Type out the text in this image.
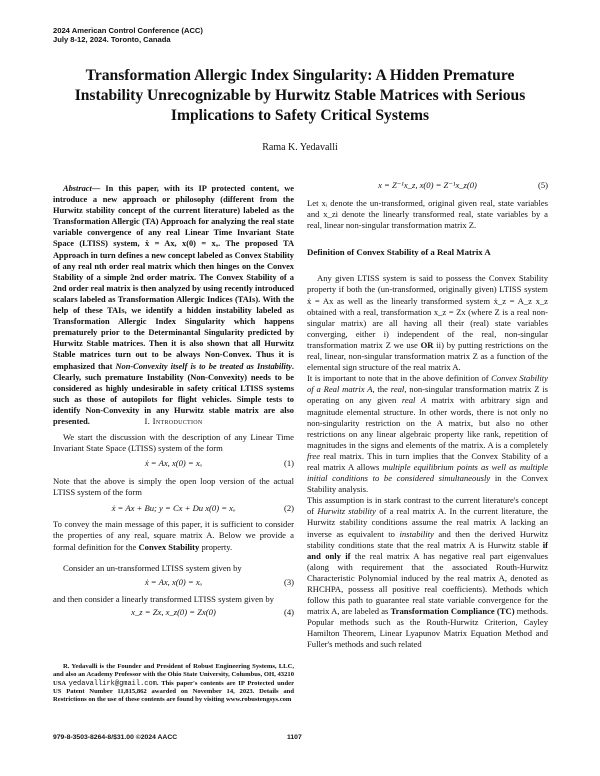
2024 American Control Conference (ACC)
July 8-12, 2024. Toronto, Canada
Transformation Allergic Index Singularity: A Hidden Premature Instability Unrecognizable by Hurwitz Stable Matrices with Serious Implications to Safety Critical Systems
Rama K. Yedavalli
Abstract— In this paper, with its IP protected content, we introduce a new approach or philosophy (different from the Hurwitz stability concept of the current literature) labeled as the Transformation Allergic (TA) Approach for analyzing the real state variable convergence of any real Linear Time Invariant State Space (LTISS) system, ẋ = Ax, x(0) = xₒ. The proposed TA Approach in turn defines a new concept labeled as Convex Stability of any real nth order real matrix which then hinges on the Convex Stability of a simple 2nd order matrix. The Convex Stability of a 2nd order real matrix is then analyzed by using recently introduced scalars labeled as Transformation Allergic Indices (TAIs). With the help of these TAIs, we identify a hidden instability labeled as Transformation Allergic Index Singularity which happens prematurely prior to the Determinantal Singularity predicted by Hurwitz Stable matrices. Then it is also shown that all Hurwitz Stable matrices turn out to be always Non-Convex. Thus it is emphasized that Non-Convexity itself is to be treated as Instability. Clearly, such premature Instability (Non-Convexity) needs to be considered as highly undesirable in safety critical LTISS systems such as those of autopilots for flight vehicles. Simple tests to identify Non-Convexity in any Hurwitz stable matrix are also presented.	I. Introduction

We start the discussion with the description of any Linear Time Invariant State Space (LTISS) system of the form

ẋ = Ax, x(0) = xₒ	(1)

Note that the above is simply the open loop version of the actual LTISS system of the form

ẋ = Ax + Bu; y = Cx + Du x(0) = xₒ	(2)

To convey the main message of this paper, it is sufficient to consider the properties of any real, square matrix A. Below we provide a formal definition for the Convex Stability property.

Consider an un-transformed LTISS system given by

ẋ = Ax, x(0) = xₒ	(3)

and then consider a linearly transformed LTISS system given by

x_z = Zx, x_z(0) = Zx(0)	(4)
R. Yedavalli is the Founder and President of Robust Engineering Systems, LLC, and also an Academy Professor with the Ohio State University, Columbus, OH, 43210 USA yedavallirk@gmail.com. This paper's contents are IP Protected under US Patent Number 11,815,862 awarded on November 14, 2023. Details and Restrictions on the use of these contents are found by visiting www.robustengsys.com
x = Z⁻¹x_z, x(0) = Z⁻¹x_z(0)	(5)

Let xᵢ denote the un-transformed, original given real, state variables and x_zi denote the linearly transformed real, state variables by a real, linear non-singular transformation matrix Z.

Definition of Convex Stability of a Real Matrix A

Any given LTISS system is said to possess the Convex Stability property if both the (un-transformed, originally given) LTISS system ẋ = Ax as well as the linearly transformed system ẋ_z = A_z x_z obtained with a real, transformation x_z = Zx (where Z is a real non-singular matrix) are all having all their (real) state variables converging, either i) independent of the real, non-singular transformation matrix Z we use OR ii) by putting restrictions on the real, linear, non-singular transformation matrix Z as a function of the elemental sign structure of the real matrix A.

It is important to note that in the above definition of Convex Stability of a Real matrix A, the real, non-singular transformation matrix Z is operating on any given real A matrix with arbitrary sign and magnitude elemental structure. In other words, there is not only no non-singularity restriction on the A matrix, but also no other restrictions on any linear algebraic property like rank, repetition of magnitudes in the signs and elements of the matrix. A is a completely free real matrix. This in turn implies that the Convex Stability of a real matrix A allows multiple equilibrium points as well as multiple initial conditions to be considered simultaneously in the Convex Stability analysis.

This assumption is in stark contrast to the current literature's concept of Hurwitz stability of a real matrix A. In the current literature, the Hurwitz stability conditions assume the real matrix A lacking an inverse as equivalent to instability and then the derived Hurwitz stability conditions state that the real matrix A is Hurwitz stable if and only if the real matrix A has negative real part eigenvalues (along with requirement that the associated Routh-Hurwitz Characteristic Polynomial induced by the real matrix A, denoted as RHCHPA, possess all positive real coefficients). Methods which follow this path to guarantee real state variable convergence for the matrix A, are labeled as Transformation Compliance (TC) methods. Popular methods such as the Routh-Hurwitz Criterion, Cayley Hamilton Theorem, Linear Lyapunov Matrix Equation Method and Fuller's methods and such related

979-8-3503-8264-8/$31.00 ©2024 AACC	1107
